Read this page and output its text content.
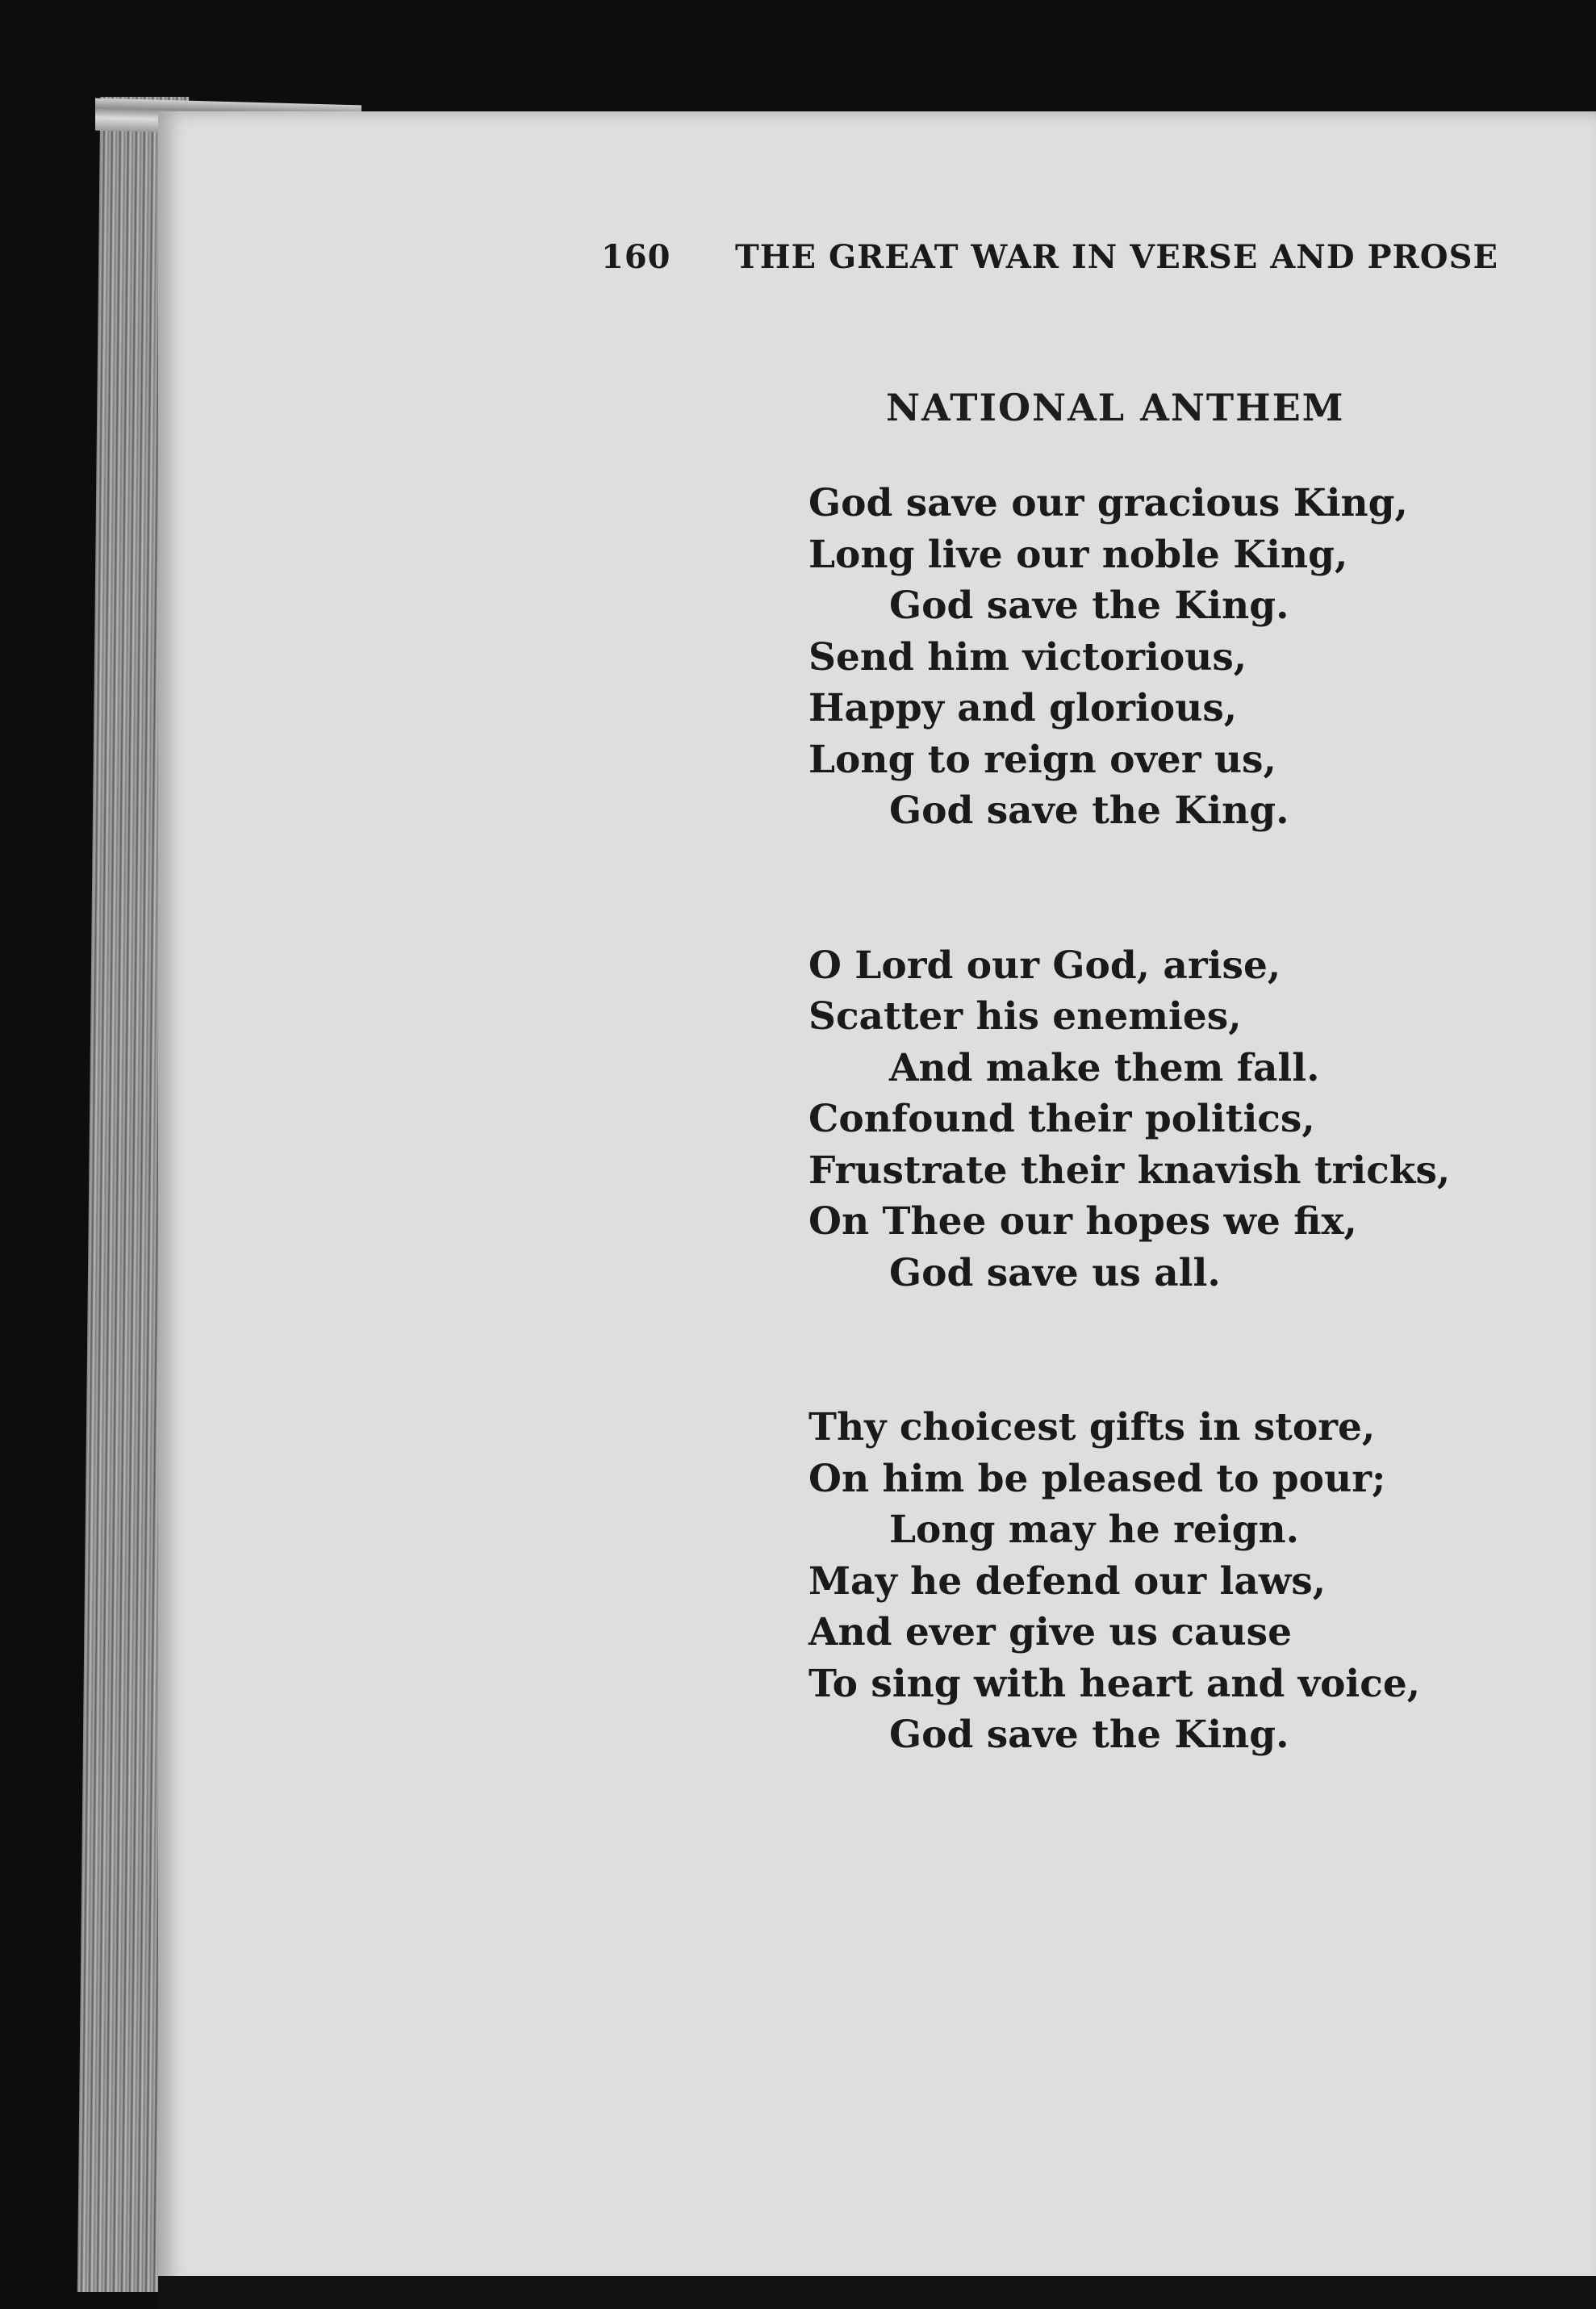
160 THE GREAT WAR IN VERSE AND PROSE
NATIONAL ANTHEM
God save our gracious King,
Long live our noble King,
God save the King.
Send him victorious,
Happy and glorious,
Long to reign over us,
God save the King.
O Lord our God, arise,
Scatter his enemies,
And make them fall.
Confound their politics,
Frustrate their knavish tricks,
On Thee our hopes we fix,
God save us all.
Thy choicest gifts in store,
On him be pleased to pour;
Long may he reign.
May he defend our laws,
And ever give us cause
To sing with heart and voice,
God save the King.
